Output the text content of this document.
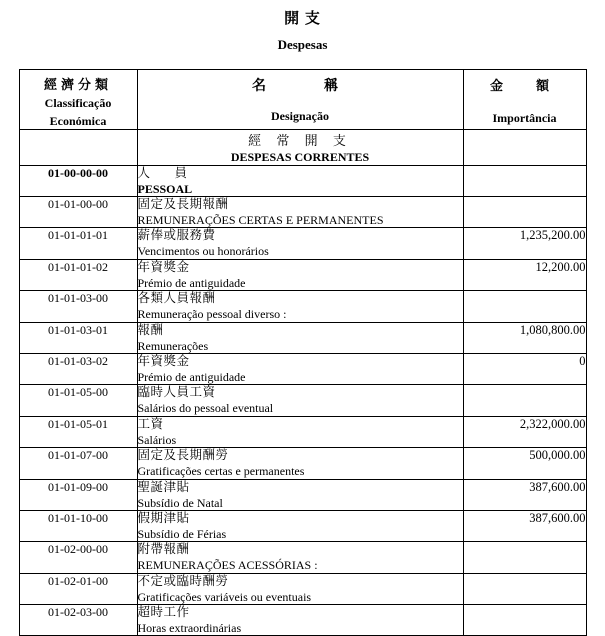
開 支
Despesas
經濟分類
Classificação
Económica

名　　稱
Designação

金　額
Importância

	經 常 開 支
DESPESAS CORRENTES	

01-00-00-00	人　員
PESSOAL	

01-01-00-00	固定及長期報酬
REMUNERAÇÕES CERTAS E PERMANENTES	

01-01-01-01	薪俸或服務費
Vencimentos ou honorários	1,235,200.00
01-01-01-02	年資獎金
Prémio de antiguidade	12,200.00
01-01-03-00	各類人員報酬
Remuneração pessoal diverso :	

01-01-03-01	報酬
Remunerações	1,080,800.00
01-01-03-02	年資獎金
Prémio de antiguidade	0
01-01-05-00	臨時人員工資
Salários do pessoal eventual	

01-01-05-01	工資
Salários	2,322,000.00
01-01-07-00	固定及長期酬勞
Gratificações certas e permanentes	500,000.00
01-01-09-00	聖誕津貼
Subsídio de Natal	387,600.00
01-01-10-00	假期津貼
Subsídio de Férias	387,600.00
01-02-00-00	附帶報酬
REMUNERAÇÕES ACESSÓRIAS :	

01-02-01-00	不定或臨時酬勞
Gratificações variáveis ou eventuais	

01-02-03-00	超時工作
Horas extraordinárias	
